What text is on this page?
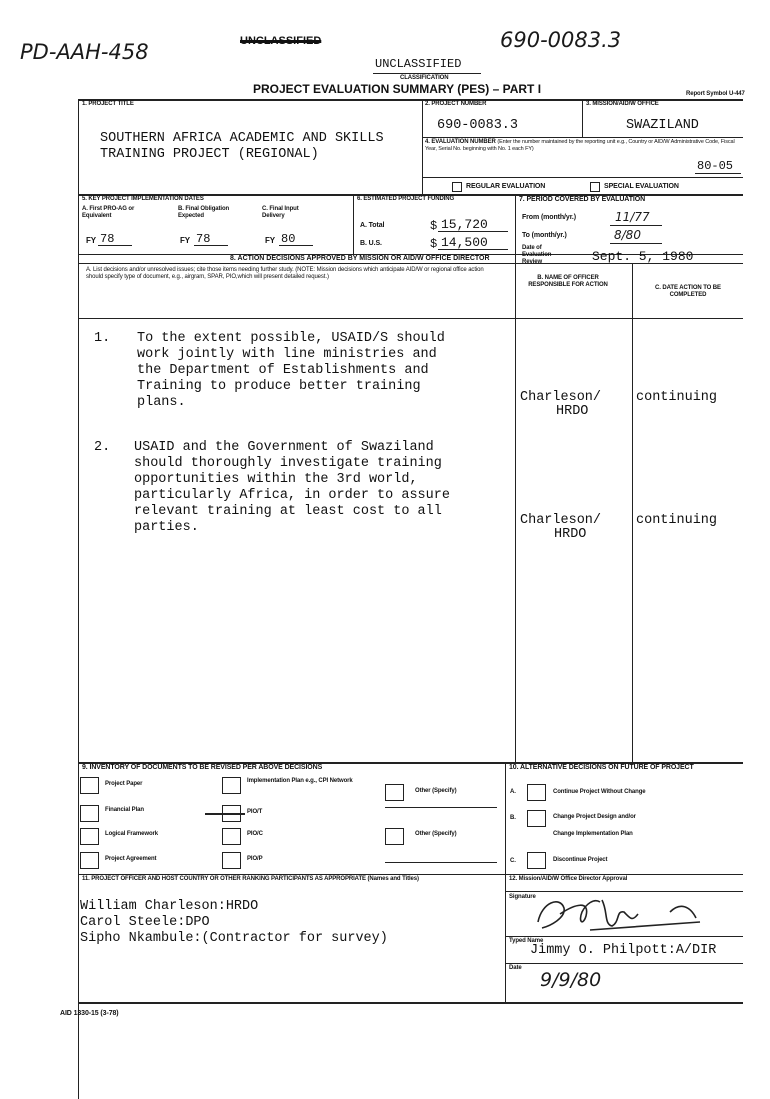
PD-AAH-458	UNCLASSIFIED	690-0083.3
UNCLASSIFIED
CLASSIFICATION
PROJECT EVALUATION SUMMARY (PES) – PART I	Report Symbol U-447
1. PROJECT TITLE
SOUTHERN AFRICA ACADEMIC AND SKILLS
TRAINING PROJECT (REGIONAL)
2. PROJECT NUMBER
690-0083.3
3. MISSION/AID/W OFFICE
SWAZILAND
4. EVALUATION NUMBER (Enter the number maintained by the reporting unit e.g., Country or AID/W Administrative Code, Fiscal Year, Serial No. beginning with No. 1 each FY)
80-05
REGULAR EVALUATION	SPECIAL EVALUATION
5. KEY PROJECT IMPLEMENTATION DATES
A. First PRO-AG or Equivalent
FY 78
B. Final Obligation Expected
FY 78
C. Final Input Delivery
FY 80
6. ESTIMATED PROJECT FUNDING
A. Total	$ 15,720
B. U.S.	$ 14,500
7. PERIOD COVERED BY EVALUATION
From (month/yr.)	11/77
To (month/yr.)	8/80
Date of Evaluation Review	Sept. 5, 1980
8. ACTION DECISIONS APPROVED BY MISSION OR AID/W OFFICE DIRECTOR
A. List decisions and/or unresolved issues; cite those items needing further study. (NOTE: Mission decisions which anticipate AID/W or regional office action should specify type of document, e.g., airgram, SPAR, PIO,which will present detailed request.)	B. NAME OF OFFICER RESPONSIBLE FOR ACTION	C. DATE ACTION TO BE COMPLETED
1. To the extent possible, USAID/S should
work jointly with line ministries and
the Department of Establishments and
Training to produce better training
plans.	Charleson/
HRDO
continuing
2. USAID and the Government of Swaziland
should thoroughly investigate training
opportunities within the 3rd world,
particularly Africa, in order to assure
relevant training at least cost to all
parties.	Charleson/
HRDO
continuing
9. INVENTORY OF DOCUMENTS TO BE REVISED PER ABOVE DECISIONS
Project Paper
Financial Plan
Logical Framework
Project Agreement
Implementation Plan e.g., CPI Network
PIO/T
PIO/C
PIO/P
Other (Specify)
Other (Specify)
10. ALTERNATIVE DECISIONS ON FUTURE OF PROJECT
A.	Continue Project Without Change
B.	Change Project Design and/or
Change Implementation Plan
C.	Discontinue Project
11. PROJECT OFFICER AND HOST COUNTRY OR OTHER RANKING PARTICIPANTS AS APPROPRIATE (Names and Titles)
William Charleson:HRDO
Carol Steele:DPO
Sipho Nkambule:(Contractor for survey)
12. Mission/AID/W Office Director Approval
Signature
Typed Name
Jimmy O. Philpott:A/DIR
Date
9/9/80
AID 1330-15 (3-78)
